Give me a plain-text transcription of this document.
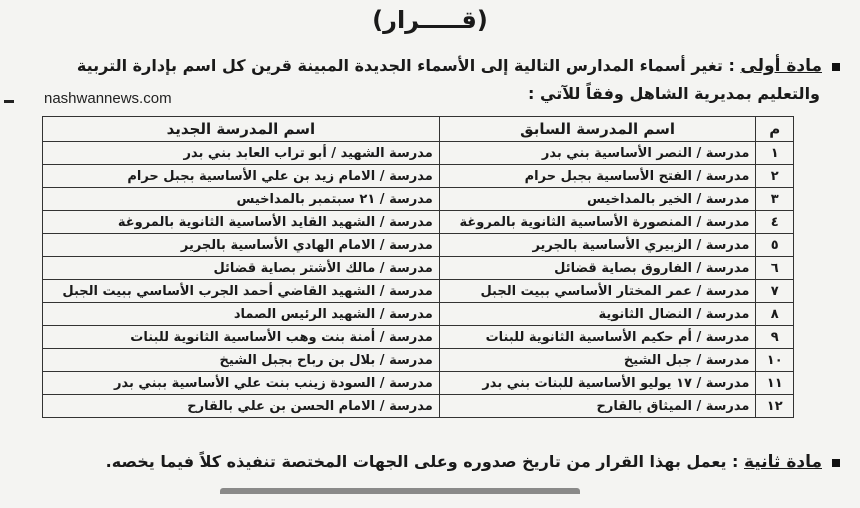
(قـــــرار)
nashwannews.com
مادة أولى : تغير أسماء المدارس التالية إلى الأسماء الجديدة المبينة قرين كل اسم بإدارة التربية
والتعليم بمديرية الشاهل وفقاً للآتي :
م	اسم المدرسة السابق	اسم المدرسة الجديد
١	مدرسة / النصر الأساسية بني بدر	مدرسة الشهيد / أبو تراب العابد بني بدر
٢	مدرسة / الفتح الأساسية بجبل حرام	مدرسة / الامام زيد بن علي الأساسية بجبل حرام
٣	مدرسة / الخير بالمداخيس	مدرسة / ٢١ سبتمبر بالمداخيس
٤	مدرسة / المنصورة الأساسية الثانوية بالمروغة	مدرسة / الشهيد القايد الأساسية الثانوية بالمروغة
٥	مدرسة / الزبيري الأساسية بالجرير	مدرسة / الامام الهادي الأساسية بالجرير
٦	مدرسة / الفاروق بصاية قضائل	مدرسة / مالك الأشتر بصاية قضائل
٧	مدرسة / عمر المختار الأساسي ببيت الجبل	مدرسة / الشهيد القاضي أحمد الجرب الأساسي ببيت الجبل
٨	مدرسة / النضال الثانوية	مدرسة / الشهيد الرئيس الصماد
٩	مدرسة / أم حكيم الأساسية الثانوية للبنات	مدرسة / أمنة بنت وهب الأساسية الثانوية للبنات
١٠	مدرسة / جبل الشيخ	مدرسة / بلال بن رباح بجبل الشيخ
١١	مدرسة / ١٧ يوليو الأساسية للبنات بني بدر	مدرسة / السودة زينب بنت علي الأساسية ببني بدر
١٢	مدرسة / الميثاق بالقارح	مدرسة / الامام الحسن بن علي بالقارح
مادة ثانية : يعمل بهذا القرار من تاريخ صدوره وعلى الجهات المختصة تنفيذه كلاً فيما يخصه.
